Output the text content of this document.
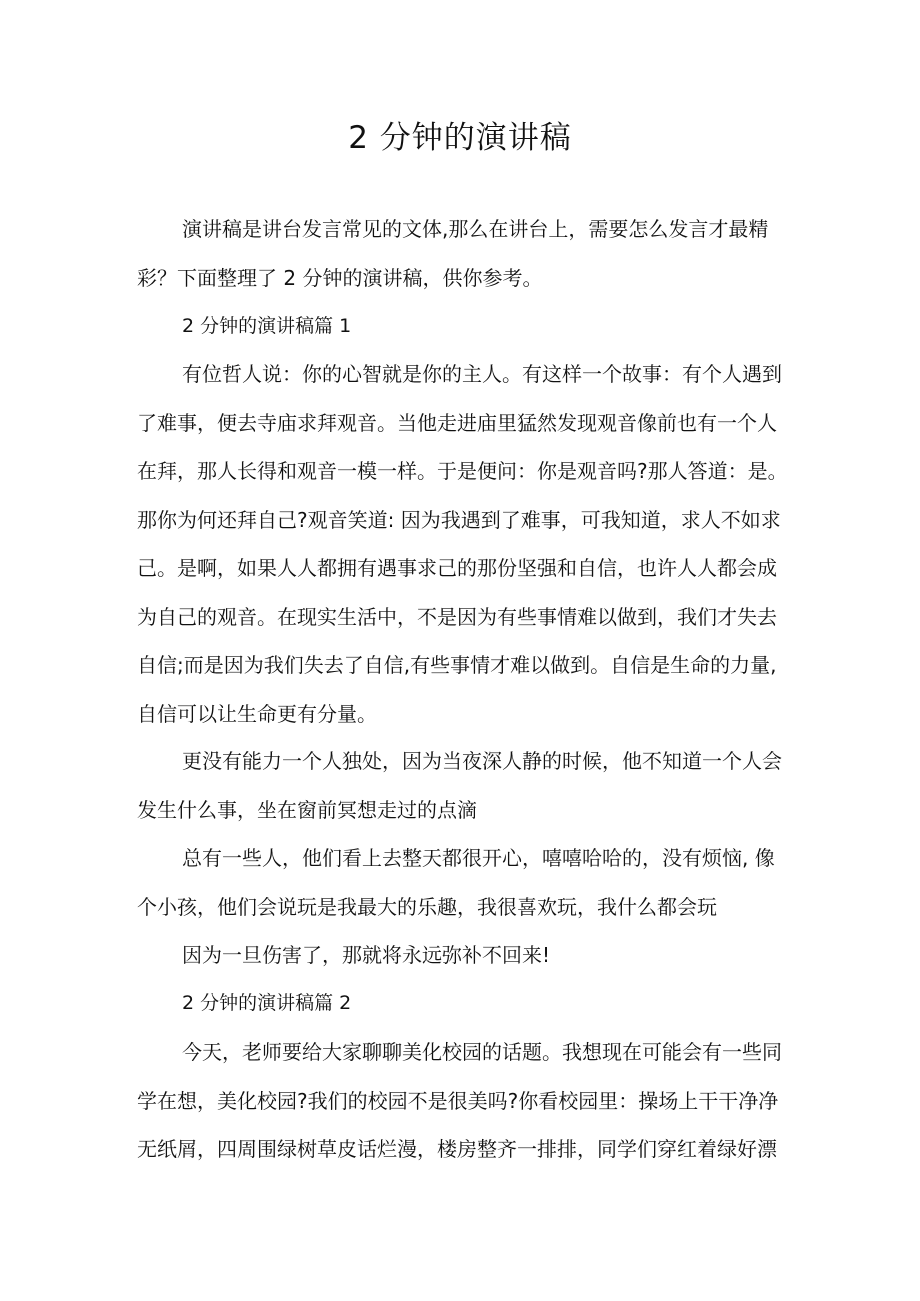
2 分钟的演讲稿
演讲稿是讲台发言常见的文体,那么在讲台上，需要怎么发言才最精
彩？下面整理了 2 分钟的演讲稿，供你参考。
2 分钟的演讲稿篇 1
有位哲人说：你的心智就是你的主人。有这样一个故事：有个人遇到
了难事，便去寺庙求拜观音。当他走进庙里猛然发现观音像前也有一个人
在拜，那人长得和观音一模一样。于是便问：你是观音吗?那人答道：是。
那你为何还拜自己?观音笑道: 因为我遇到了难事，可我知道，求人不如求
己。是啊，如果人人都拥有遇事求己的那份坚强和自信，也许人人都会成
为自己的观音。在现实生活中，不是因为有些事情难以做到，我们才失去
自信;而是因为我们失去了自信,有些事情才难以做到。自信是生命的力量,
自信可以让生命更有分量。
更没有能力一个人独处，因为当夜深人静的时候，他不知道一个人会
发生什么事，坐在窗前冥想走过的点滴
总有一些人，他们看上去整天都很开心，嘻嘻哈哈的，没有烦恼, 像
个小孩，他们会说玩是我最大的乐趣，我很喜欢玩，我什么都会玩
因为一旦伤害了，那就将永远弥补不回来!
2 分钟的演讲稿篇 2
今天，老师要给大家聊聊美化校园的话题。我想现在可能会有一些同
学在想，美化校园?我们的校园不是很美吗?你看校园里：操场上干干净净
无纸屑，四周围绿树草皮话烂漫，楼房整齐一排排，同学们穿红着绿好漂
